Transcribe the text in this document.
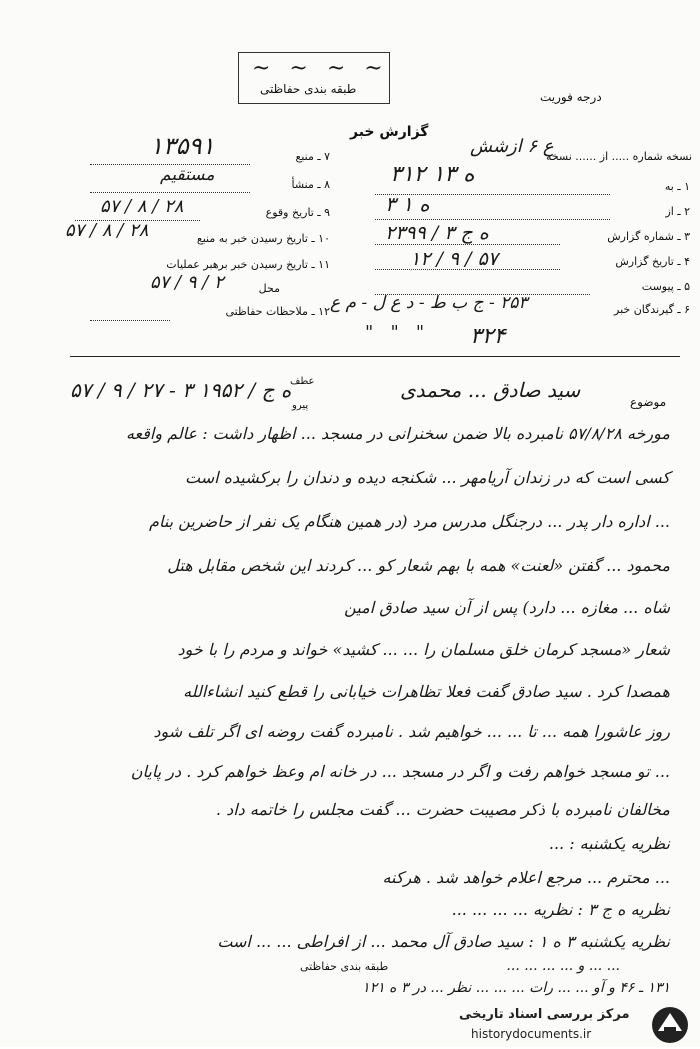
~ ~ ~ ~
طبقه بندی حفاظتی
درجه فوریت
گزارش خبر
نسخه شماره ..... از ...... نسخه
ع ۶ ازشش
۱ ـ به
۳۱۲ ه ۱۳
۲ ـ از
۳ ه ۱
۳ ـ شماره گزارش
۲۳۹۹ / ۳ ه ج
۴ ـ تاریخ گزارش
۱۲ / ۹ / ۵۷
۵ ـ پیوست
۶ ـ گیرندگان خبر
۲۵۳ - ج ب ط - د ع ل - م ع
۳۲۴
"   "   "
۷ ـ منبع
۱۳۵۹۱
۸ ـ منشأ
مستقیم
۹ ـ تاریخ وقوع
۵۷ / ۸ / ۲۸
۱۰ ـ تاریخ رسیدن خبر به منبع
۵۷ / ۸ / ۲۸
۱۱ ـ تاریخ رسیدن خبر برهبر عملیات
محل
۵۷ / ۹ / ۲
۱۲ ـ ملاحظات حفاظتی
موضوع
سید صادق ... محمدی
عطف
پیرو
۵۷ / ۹ / ۲۷ - ۳ ه ج / ۱۹۵۲
مورخه ۵۷/۸/۲۸ نامبرده بالا ضمن سخنرانی در مسجد ... اظهار داشت : عالم واقعه
کسی است که در زندان آریامهر ... شکنجه دیده و دندان را برکشیده است
... اداره دار پدر ... درجنگل مدرس مرد (در همین هنگام یک نفر از حاضرین بنام
محمود ... گفتن «لعنت» همه با بهم شعار کو ... کردند این شخص مقابل هتل
شاه ... مغازه ... دارد) پس از آن سید صادق امین
شعار «مسجد کرمان خلق مسلمان را ... ... کشید» خواند و مردم را با خود
همصدا کرد . سید صادق گفت فعلا تظاهرات خیابانی را قطع کنید انشاءالله
روز عاشورا همه ... تا ... ... خواهیم شد . نامبرده گفت روضه ای اگر تلف شود
... تو مسجد خواهم رفت و اگر در مسجد ... در خانه ام وعظ خواهم کرد . در پایان
مخالفان نامبرده با ذکر مصیبت حضرت ... گفت مجلس را خاتمه داد .
نظریه یکشنبه : ...
... محترم ... مرجع اعلام خواهد شد . هرکنه
نظریه ه ج ۳ : نظریه ... ... ... ...
نظریه یکشنبه ۳ ه ۱ : سید صادق آل محمد ... از افراطی ... ... است
... ... و ... ... ... ...
۱۳۱ ـ ۴۶ و آو ... ... رات ... ... ... نظر ... در ۳ ه ۱۲۱
طبقه بندی حفاظتی
مرکز بررسی اسناد تاریخی
historydocuments.ir
